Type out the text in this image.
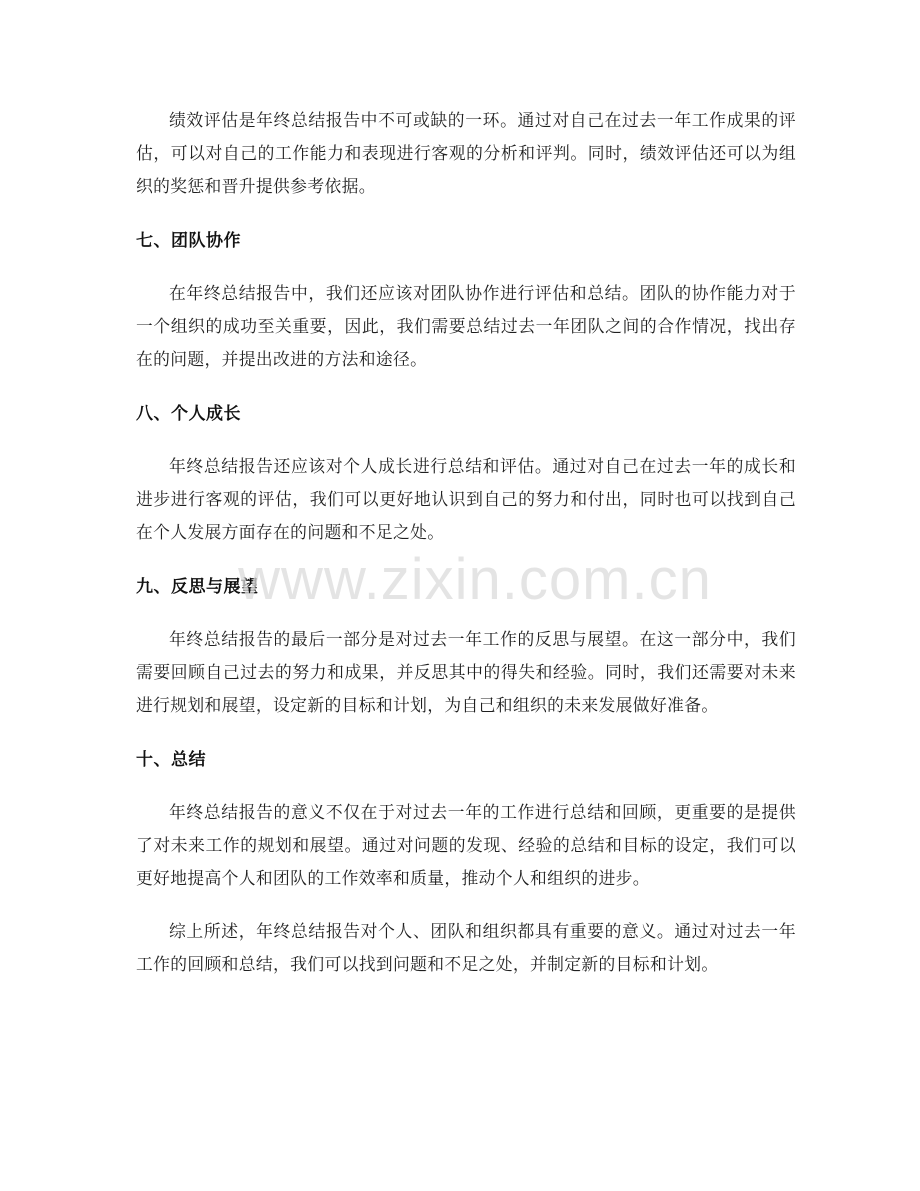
绩效评估是年终总结报告中不可或缺的一环。通过对自己在过去一年工作成果的评估，可以对自己的工作能力和表现进行客观的分析和评判。同时，绩效评估还可以为组织的奖惩和晋升提供参考依据。

七、团队协作

在年终总结报告中，我们还应该对团队协作进行评估和总结。团队的协作能力对于一个组织的成功至关重要，因此，我们需要总结过去一年团队之间的合作情况，找出存在的问题，并提出改进的方法和途径。

八、个人成长

年终总结报告还应该对个人成长进行总结和评估。通过对自己在过去一年的成长和进步进行客观的评估，我们可以更好地认识到自己的努力和付出，同时也可以找到自己在个人发展方面存在的问题和不足之处。

九、反思与展望

年终总结报告的最后一部分是对过去一年工作的反思与展望。在这一部分中，我们需要回顾自己过去的努力和成果，并反思其中的得失和经验。同时，我们还需要对未来进行规划和展望，设定新的目标和计划，为自己和组织的未来发展做好准备。

十、总结

年终总结报告的意义不仅在于对过去一年的工作进行总结和回顾，更重要的是提供了对未来工作的规划和展望。通过对问题的发现、经验的总结和目标的设定，我们可以更好地提高个人和团队的工作效率和质量，推动个人和组织的进步。

综上所述，年终总结报告对个人、团队和组织都具有重要的意义。通过对过去一年工作的回顾和总结，我们可以找到问题和不足之处，并制定新的目标和计划。

www.zixin.com.cn
